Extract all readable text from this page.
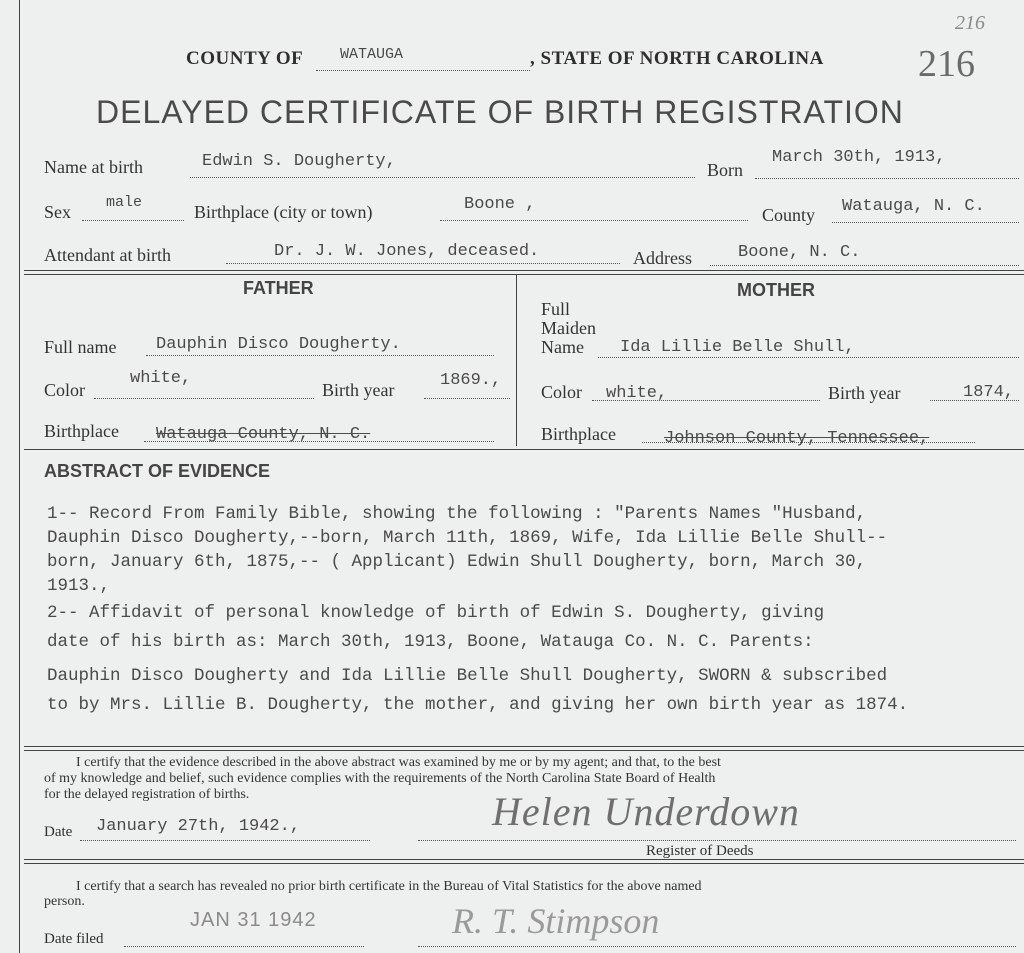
COUNTY OF WATAUGA	, STATE OF NORTH CAROLINA
216
216
DELAYED CERTIFICATE OF BIRTH REGISTRATION
Name at birth	Edwin S. Dougherty,	Born
March 30th, 1913,
Sex male	Birthplace (city or town)	Boone ,
County Watauga, N. C.
Attendant at birth	Dr. J. W. Jones, deceased.	Address	Boone, N. C.
FATHER
Full name Dauphin Disco Dougherty.
Color
white,
Birth year	1869.,
Birthplace Watauga County, N. C.
MOTHER
Full
Maiden
Name	Ida Lillie Belle Shull,
Color white,	Birth year	1874,
Birthplace	Johnson County, Tennessee,
ABSTRACT OF EVIDENCE
1-- Record From Family Bible, showing the following : "Parents Names "Husband,
Dauphin Disco Dougherty,--born, March 11th, 1869, Wife, Ida Lillie Belle Shull--
born, January 6th, 1875,-- ( Applicant) Edwin Shull Dougherty, born, March 30,
1913.,
2-- Affidavit of personal knowledge of birth of Edwin S. Dougherty, giving
date of his birth as: March 30th, 1913, Boone, Watauga Co. N. C. Parents:
Dauphin Disco Dougherty and Ida Lillie Belle Shull Dougherty, SWORN & subscribed
to by Mrs. Lillie B. Dougherty, the mother, and giving her own birth year as 1874.
I certify that the evidence described in the above abstract was examined by me or by my agent; and that, to the best
of my knowledge and belief, such evidence complies with the requirements of the North Carolina State Board of Health
for the delayed registration of births.
Date January 27th, 1942.,	Helen Underdown
Register of Deeds
I certify that a search has revealed no prior birth certificate in the Bureau of Vital Statistics for the above named
person.
Date filed
JAN 31 1942	R. T. Stimpson
